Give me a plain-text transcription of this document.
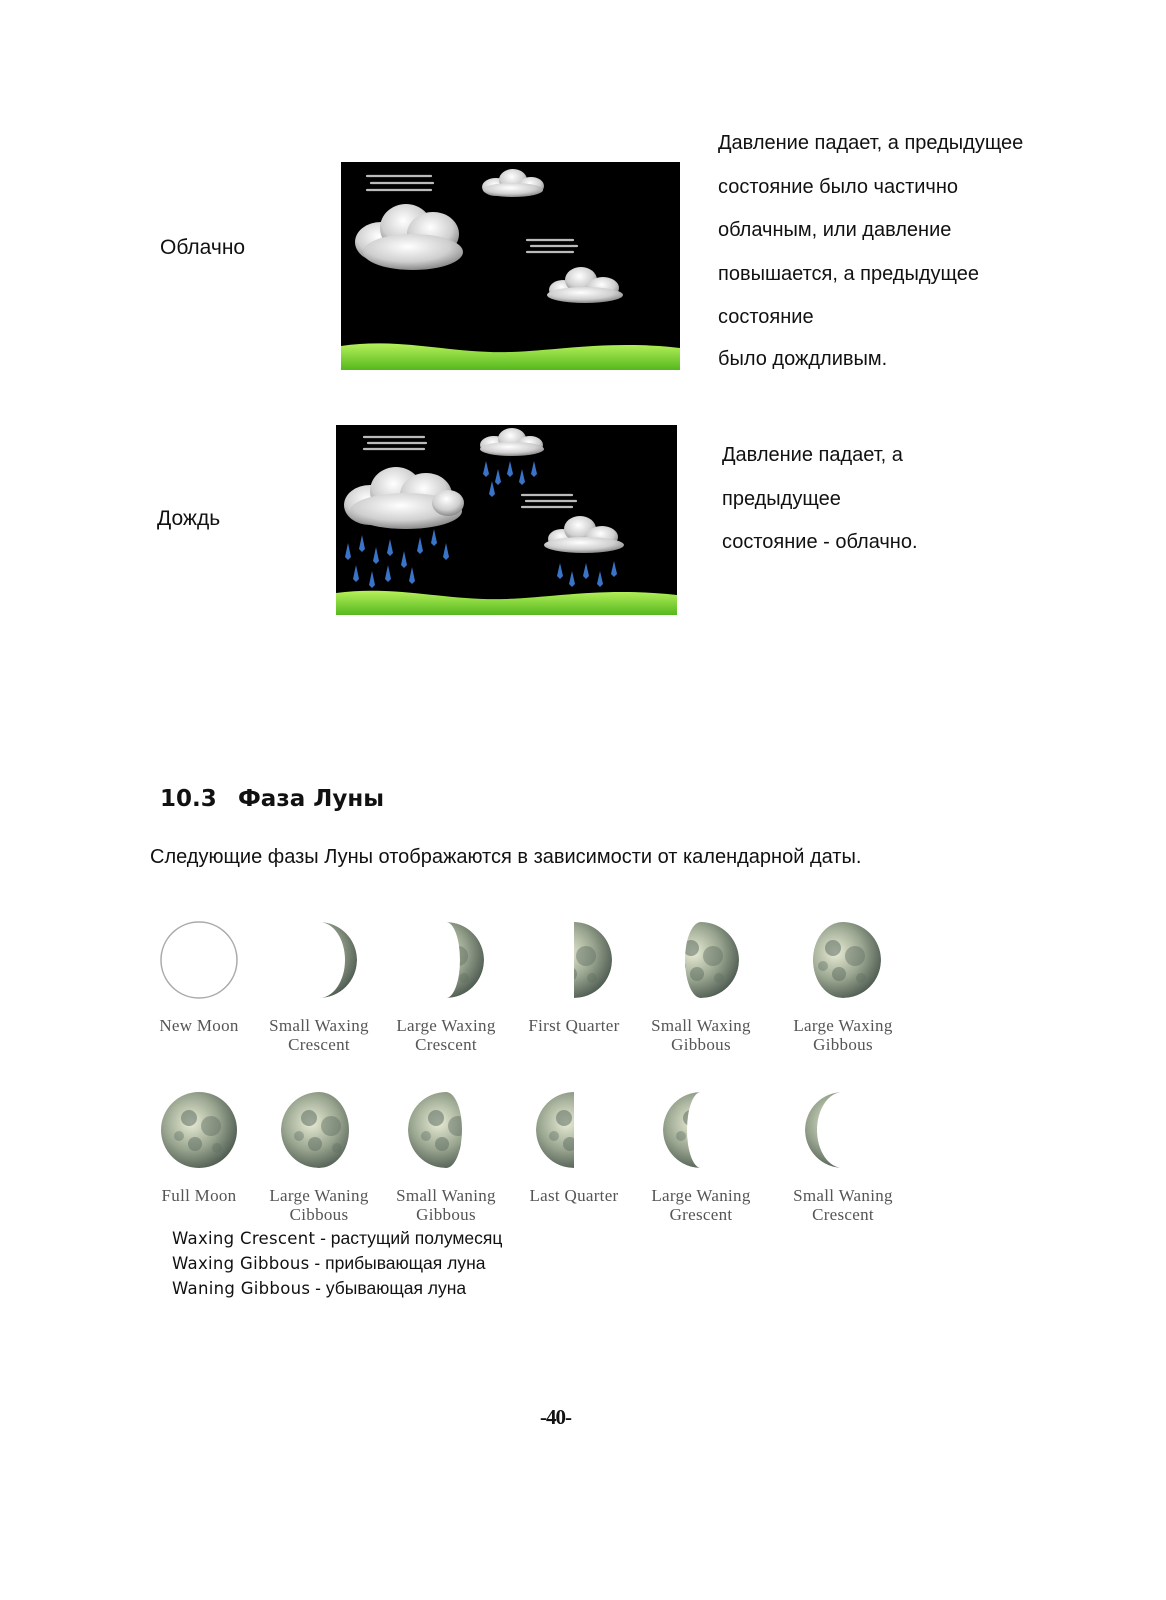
Облачно
Давление падает, а предыдущее
состояние было частично
облачным, или давление
повышается, а предыдущее
состояние
было дождливым.
Дождь
Давление падает, а
предыдущее
состояние - облачно.
10.3 Фаза Луны
Следующие фазы Луны отображаются в зависимости от календарной даты.
New Moon	Small Waxing
Crescent
Large Waxing
Crescent
First Quarter	Small Waxing
Gibbous
Large Waxing
Gibbous
Full Moon	Large Waning
Cibbous
Small Waning
Gibbous
Last Quarter	Large Waning
Grescent
Small Waning
Crescent
Waxing Crescent - растущий полумесяц
Waxing Gibbous - прибывающая луна
Waning Gibbous - убывающая луна
-40-
